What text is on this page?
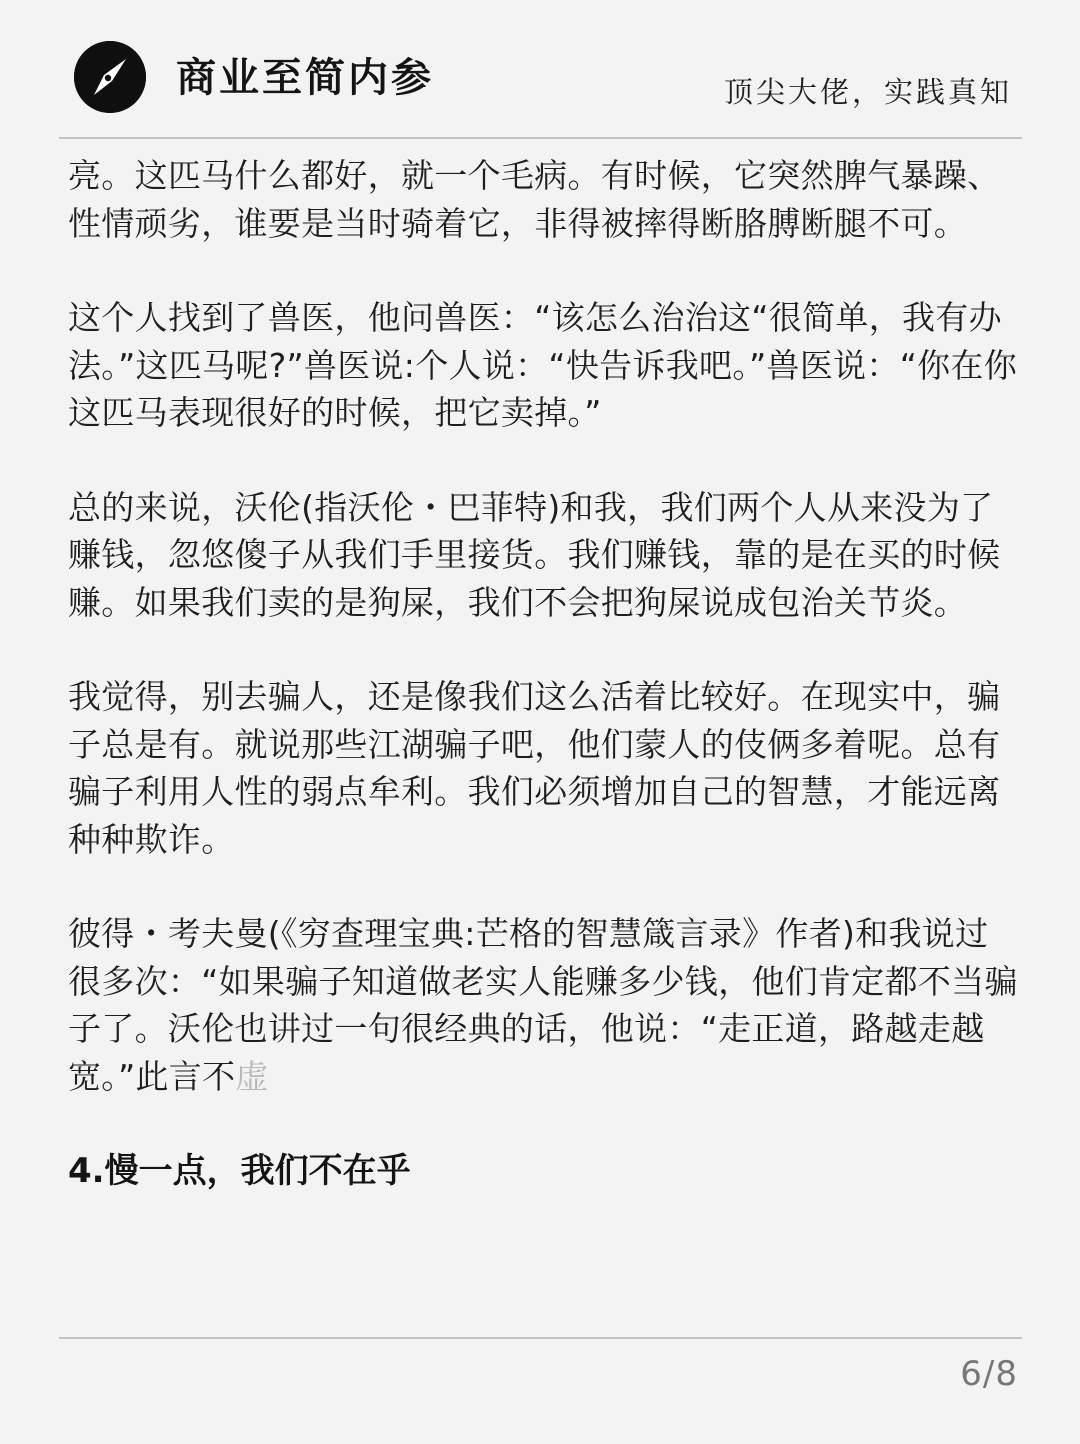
商业至简内参	顶尖大佬，实践真知

亮。这匹马什么都好，就一个毛病。有时候，它突然脾气暴躁、性情顽劣，谁要是当时骑着它，非得被摔得断胳膊断腿不可。

这个人找到了兽医，他问兽医：“该怎么治治这“很简单，我有办法。”这匹马呢?”兽医说:个人说：“快告诉我吧。”兽医说：“你在你这匹马表现很好的时候，把它卖掉。”

总的来说，沃伦(指沃伦・巴菲特)和我，我们两个人从来没为了赚钱，忽悠傻子从我们手里接货。我们赚钱，靠的是在买的时候赚。如果我们卖的是狗屎，我们不会把狗屎说成包治关节炎。

我觉得，别去骗人，还是像我们这么活着比较好。在现实中，骗子总是有。就说那些江湖骗子吧，他们蒙人的伎俩多着呢。总有骗子利用人性的弱点牟利。我们必须增加自己的智慧，才能远离种种欺诈。

彼得・考夫曼(《穷查理宝典:芒格的智慧箴言录》作者)和我说过很多次：“如果骗子知道做老实人能赚多少钱，他们肯定都不当骗子了。沃伦也讲过一句很经典的话，他说：“走正道，路越走越宽。”此言不虚

4.慢一点，我们不在乎
6/8
